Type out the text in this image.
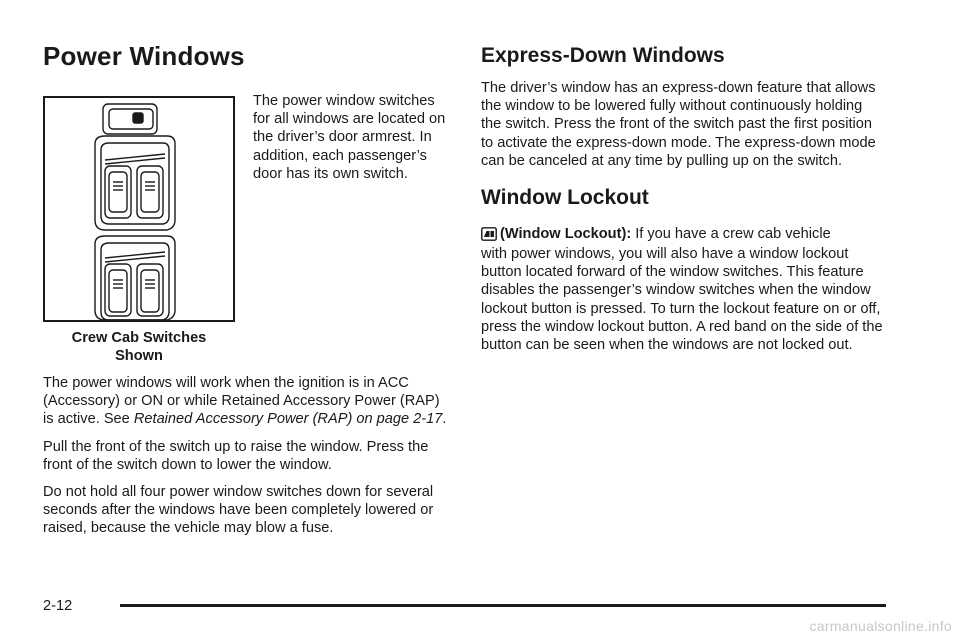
Power Windows
Crew Cab Switches
Shown

The power window switches for all windows are located on the driver’s door armrest. In addition, each passenger’s door has its own switch.

The power windows will work when the ignition is in ACC (Accessory) or ON or while Retained Accessory Power (RAP) is active. See Retained Accessory Power (RAP) on page 2-17.

Pull the front of the switch up to raise the window. Press the front of the switch down to lower the window.

Do not hold all four power window switches down for several seconds after the windows have been completely lowered or raised, because the vehicle may blow a fuse.

Express-Down Windows

The driver’s window has an express-down feature that allows the window to be lowered fully without continuously holding the switch. Press the front of the switch past the first position to activate the express-down mode. The express-down mode can be canceled at any time by pulling up on the switch.

Window Lockout
(Window Lockout): If you have a crew cab vehicle

with power windows, you will also have a window lockout button located forward of the window switches. This feature disables the passenger’s window switches when the window lockout button is pressed. To turn the lockout feature on or off, press the window lockout button. A red band on the side of the button can be seen when the windows are not locked out.

2-12
carmanualsonline.info
